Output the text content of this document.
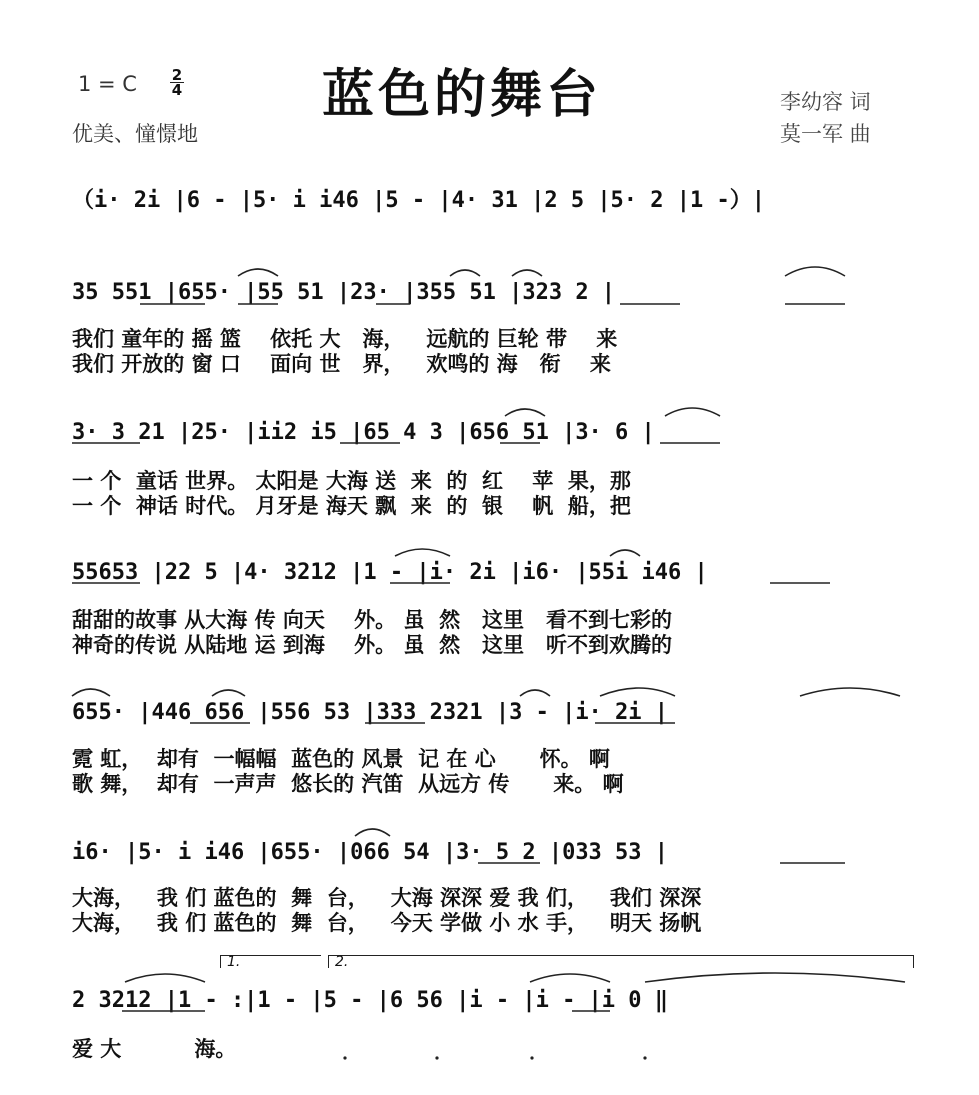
1 = C $\frac{2}{4}$
优美、憧憬地
蓝色的舞台	李幼容 词
莫一军 曲
（i· 2i |6 - |5· i i46 |5 - |4· 31 |2 5 |5· 2 |1 -）|
35 551 |655· |55 51 |23· |355 51 |323 2 |
我们 童年的 摇 篮    依托 大   海，   远航的 巨轮 带    来
我们 开放的 窗 口    面向 世   界，   欢鸣的 海   衔    来
3· 3 21 |25· |ii2 i5 |65 4 3 |656 51 |3· 6 |
一 个  童话 世界。 太阳是 大海 送  来  的  红    苹  果，那
一 个  神话 时代。 月牙是 海天 飘  来  的  银    帆  船，把
55653 |22 5 |4· 3212 |1 - |i· 2i |i6· |55i i46 |
甜甜的故事 从大海 传 向天    外。 虽  然   这里   看不到七彩的
神奇的传说 从陆地 运 到海    外。 虽  然   这里   听不到欢腾的
655· |446 656 |556 53 |333 2321 |3 - |i· 2i |
霓 虹，  却有  一幅幅  蓝色的 风景  记 在 心      怀。 啊
歌 舞，  却有  一声声  悠长的 汽笛  从远方 传      来。 啊
i6· |5· i i46 |655· |066 54 |3· 5 2 |033 53 |
大海，   我 们 蓝色的  舞  台，   大海 深深 爱 我 们，   我们 深深
大海，   我 们 蓝色的  舞  台，   今天 学做 小 水 手，   明天 扬帆
1.	2.
2 3212 |1 - :|1 - |5 - |6 56 |i - |i - |i 0 ‖
爱 大          海。
